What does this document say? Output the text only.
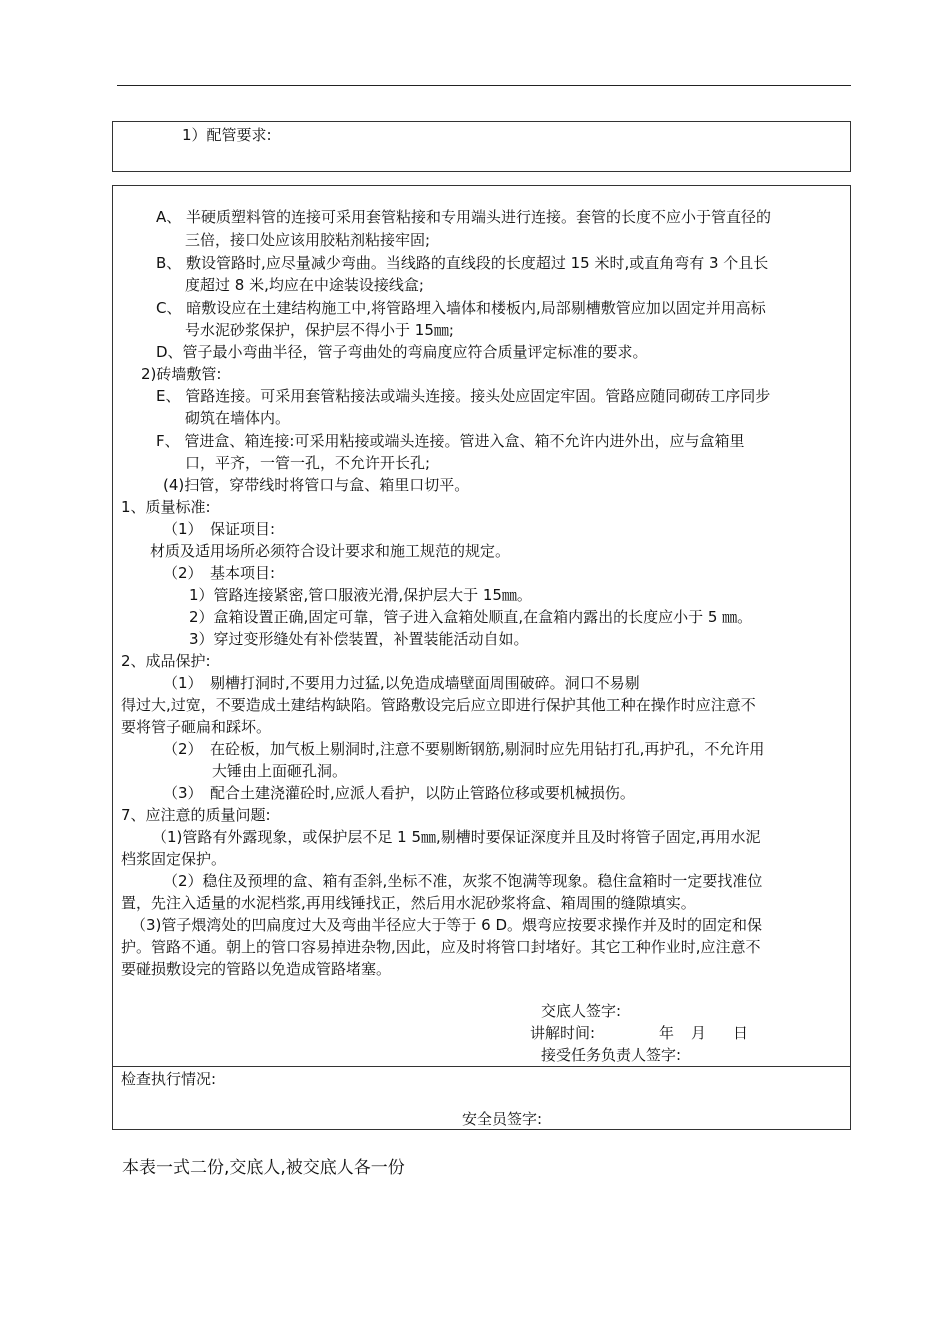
1）配管要求:
A、 半硬质塑料管的连接可采用套管粘接和专用端头进行连接。套管的长度不应小于管直径的
三倍，接口处应该用胶粘剂粘接牢固;
B、 敷设管路时,应尽量减少弯曲。当线路的直线段的长度超过 15 米时,或直角弯有 3 个且长
度超过 8 米,均应在中途装设接线盒;
C、 暗敷设应在土建结构施工中,将管路埋入墙体和楼板内,局部剔槽敷管应加以固定并用高标
号水泥砂浆保护，保护层不得小于 15㎜;
D、管子最小弯曲半径，管子弯曲处的弯扁度应符合质量评定标准的要求。
2)砖墙敷管:
E、 管路连接。可采用套管粘接法或端头连接。接头处应固定牢固。管路应随同砌砖工序同步
砌筑在墙体内。
F、 管进盒、箱连接:可采用粘接或端头连接。管进入盒、箱不允许内进外出，应与盒箱里
口，平齐，一管一孔，不允许开长孔;
(4)扫管，穿带线时将管口与盒、箱里口切平。
1、质量标准:
（1）　保证项目:
材质及适用场所必须符合设计要求和施工规范的规定。
（2）　基本项目:
1）管路连接紧密,管口服液光滑,保护层大于 15㎜。
2）盒箱设置正确,固定可靠，管子进入盒箱处顺直,在盒箱内露出的长度应小于 5 ㎜。
3）穿过变形缝处有补偿装置，补置装能活动自如。
2、成品保护:
（1）　剔槽打洞时,不要用力过猛,以免造成墙壁面周围破碎。洞口不易剔
得过大,过宽，不要造成土建结构缺陷。管路敷设完后应立即进行保护其他工种在操作时应注意不
要将管子砸扁和踩坏。
（2）　在砼板，加气板上剔洞时,注意不要剔断钢筋,剔洞时应先用钻打孔,再护孔，不允许用
大锤由上面砸孔洞。
（3）　配合土建浇灌砼时,应派人看护，以防止管路位移或要机械损伤。
7、应注意的质量问题:
（1)管路有外露现象，或保护层不足 1 5㎜,剔槽时要保证深度并且及时将管子固定,再用水泥
档浆固定保护。
（2）稳住及预埋的盒、箱有歪斜,坐标不准，灰浆不饱满等现象。稳住盒箱时一定要找准位
置，先注入适量的水泥档浆,再用线锤找正，然后用水泥砂浆将盒、箱周围的缝隙填实。
（3)管子煨湾处的凹扁度过大及弯曲半径应大于等于 6 D。煨弯应按要求操作并及时的固定和保
护。管路不通。朝上的管口容易掉进杂物,因此，应及时将管口封堵好。其它工种作业时,应注意不
要碰损敷设完的管路以免造成管路堵塞。
交底人签字:
讲解时间:	年 月 日
接受任务负责人签字:
检查执行情况:
安全员签字:
本表一式二份,交底人,被交底人各一份
